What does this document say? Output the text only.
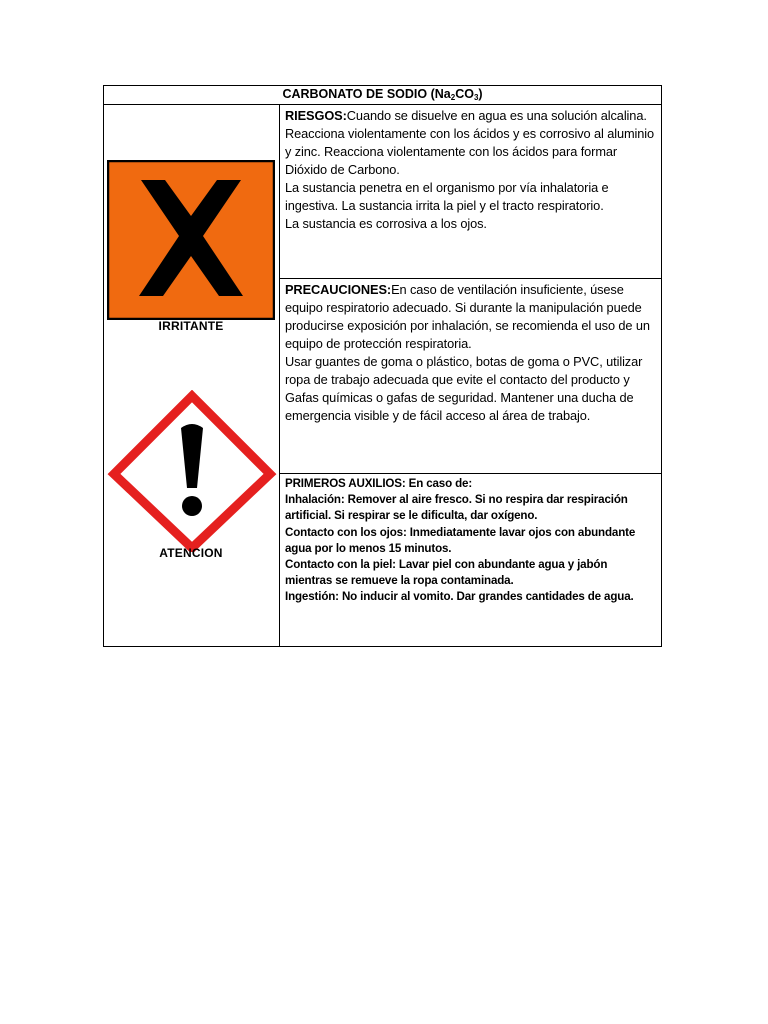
CARBONATO DE SODIO $(Na_2CO_3)$

IRRITANTE
ATENCION

RIESGOS:Cuando se disuelve en agua es una solución alcalina. Reacciona violentamente con los ácidos y es corrosivo al aluminio y zinc. Reacciona violentamente con los ácidos para formar Dióxido de Carbono.

La sustancia penetra en el organismo por vía inhalatoria e ingestiva. La sustancia irrita la piel y el tracto respiratorio.

La sustancia es corrosiva a los ojos.

PRECAUCIONES:En caso de ventilación insuficiente, úsese equipo respiratorio adecuado. Si durante la manipulación puede producirse exposición por inhalación, se recomienda el uso de un equipo de protección respiratoria.

Usar guantes de goma o plástico, botas de goma o PVC, utilizar ropa de trabajo adecuada que evite el contacto del producto y Gafas químicas o gafas de seguridad. Mantener una ducha de emergencia visible y de fácil acceso al área de trabajo.

PRIMEROS AUXILIOS: En caso de:

Inhalación: Remover al aire fresco. Si no respira dar respiración artificial. Si respirar se le dificulta, dar oxígeno.

Contacto con los ojos: Inmediatamente lavar ojos con abundante agua por lo menos 15 minutos.

Contacto con la piel: Lavar piel con abundante agua y jabón mientras se remueve la ropa contaminada.

Ingestión: No inducir al vomito. Dar grandes cantidades de agua.
